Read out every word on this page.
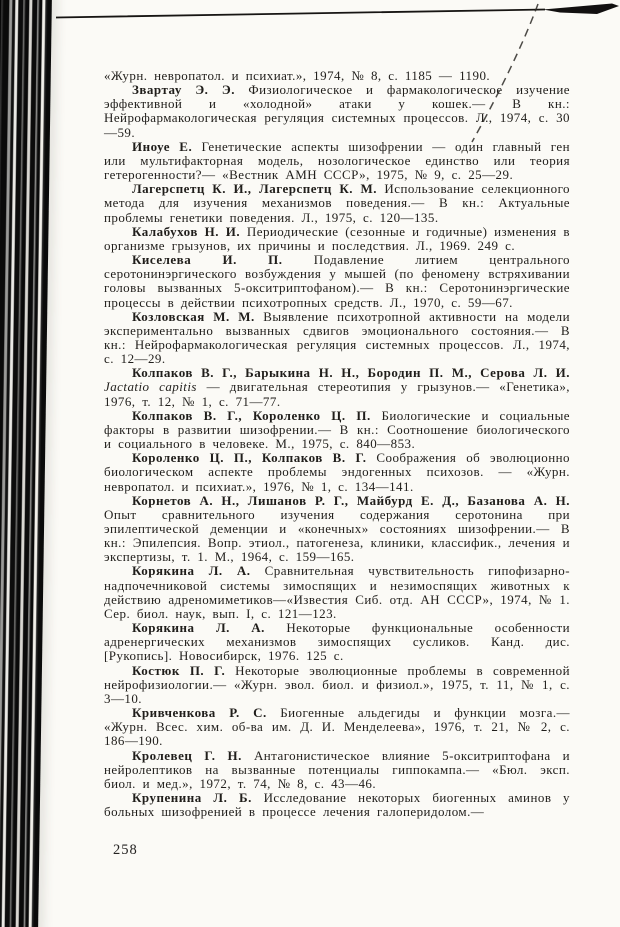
«Журн. невропатол. и психиат.», 1974, № 8, с. 1185 — 1190.

Звартау Э. Э. Физиологическое и фармакологическое изучение эффективной и «холодной» атаки у кошек.— В кн.: Нейрофармакологическая регуляция системных процессов. Л., 1974, с. 30—59.

Иноуе Е. Генетические аспекты шизофрении — один главный ген или мультифакторная модель, нозологическое единство или теория гетерогенности?— «Вестник АМН СССР», 1975, № 9, с. 25—29.

Лагерспетц К. И., Лагерспетц К. М. Использование селекционного метода для изучения механизмов поведения.— В кн.: Актуальные проблемы генетики поведения. Л., 1975, с. 120—135.

Калабухов Н. И. Периодические (сезонные и годичные) изменения в организме грызунов, их причины и последствия. Л., 1969. 249 с.

Киселева И. П. Подавление литием центрального серотонинэргического возбуждения у мышей (по феномену встряхивании головы вызванных 5-окситриптофаном).— В кн.: Серотонинэргические процессы в действии психотропных средств. Л., 1970, с. 59—67.

Козловская М. М. Выявление психотропной активности на модели экспериментально вызванных сдвигов эмоционального состояния.— В кн.: Нейрофармакологическая регуляция системных процессов. Л., 1974, с. 12—29.

Колпаков В. Г., Барыкина Н. Н., Бородин П. М., Серова Л. И. Jactatio capitis — двигательная стереотипия у грызунов.— «Генетика», 1976, т. 12, № 1, с. 71—77.

Колпаков В. Г., Короленко Ц. П. Биологические и социальные факторы в развитии шизофрении.— В кн.: Соотношение биологического и социального в человеке. М., 1975, с. 840—853.

Короленко Ц. П., Колпаков В. Г. Соображения об эволюционно биологическом аспекте проблемы эндогенных психозов. — «Журн. невропатол. и психиат.», 1976, № 1, с. 134—141.

Корнетов А. Н., Лишанов Р. Г., Майбурд Е. Д., Базанова А. Н. Опыт сравнительного изучения содержания серотонина при эпилептической деменции и «конечных» состояниях шизофрении.— В кн.: Эпилепсия. Вопр. этиол., патогенеза, клиники, классифик., лечения и экспертизы, т. 1. М., 1964, с. 159—165.

Корякина Л. А. Сравнительная чувствительность гипофизарно-надпочечниковой системы зимоспящих и незимоспящих животных к действию адреномиметиков—«Известия Сиб. отд. АН СССР», 1974, № 1. Сер. биол. наук, вып. I, с. 121—123.

Корякина Л. А. Некоторые функциональные особенности адренергических механизмов зимоспящих сусликов. Канд. дис. [Рукопись]. Новосибирск, 1976. 125 с.

Костюк П. Г. Некоторые эволюционные проблемы в современной нейрофизиологии.— «Журн. эвол. биол. и физиол.», 1975, т. 11, № 1, с. 3—10.

Кривченкова Р. С. Биогенные альдегиды и функции мозга.— «Журн. Всес. хим. об-ва им. Д. И. Менделеева», 1976, т. 21, № 2, с. 186—190.

Кролевец Г. Н. Антагонистическое влияние 5-окситриптофана и нейролептиков на вызванные потенциалы гиппокампа.— «Бюл. эксп. биол. и мед.», 1972, т. 74, № 8, с. 43—46.

Крупенина Л. Б. Исследование некоторых биогенных аминов у больных шизофренией в процессе лечения галоперидолом.—

258
